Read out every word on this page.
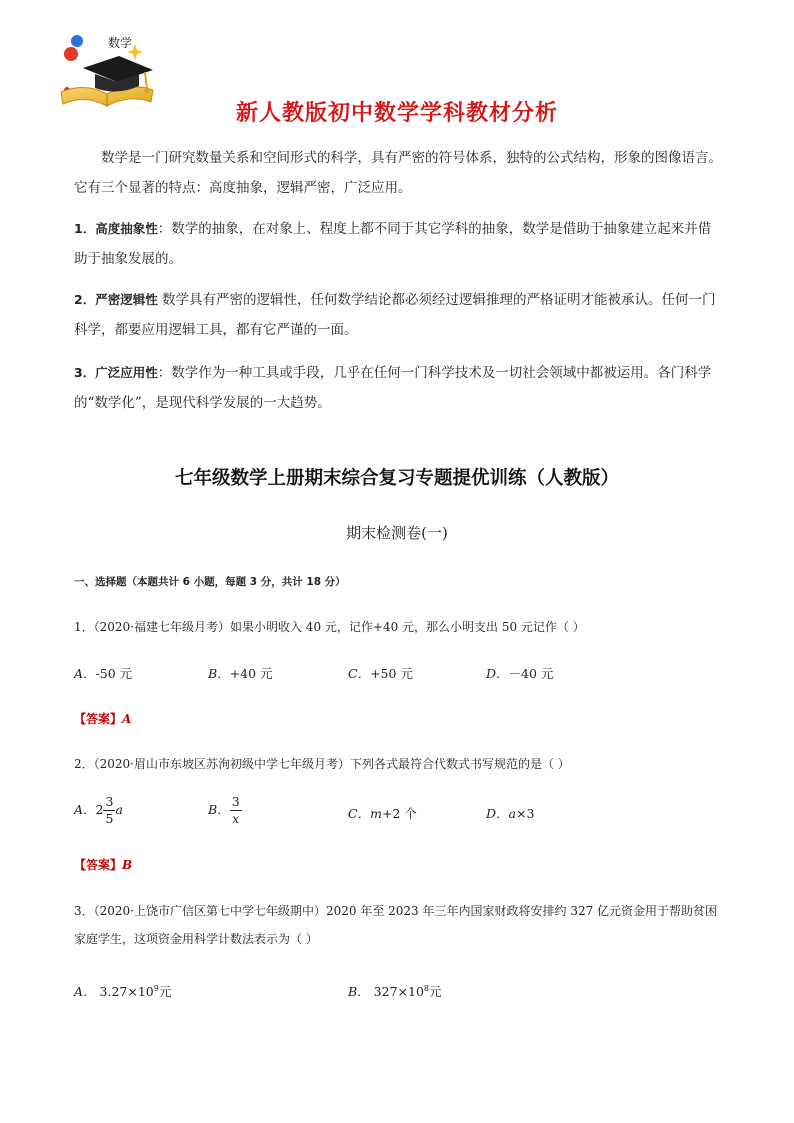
数学
新人教版初中数学学科教材分析
数学是一门研究数量关系和空间形式的科学，具有严密的符号体系，独特的公式结构，形象的图像语言。它有三个显著的特点：高度抽象，逻辑严密，广泛应用。
1．高度抽象性：数学的抽象，在对象上、程度上都不同于其它学科的抽象，数学是借助于抽象建立起来并借助于抽象发展的。
2．严密逻辑性 数学具有严密的逻辑性，任何数学结论都必须经过逻辑推理的严格证明才能被承认。任何一门科学，都要应用逻辑工具，都有它严谨的一面。
3．广泛应用性：数学作为一种工具或手段，几乎在任何一门科学技术及一切社会领域中都被运用。各门科学的“数学化”，是现代科学发展的一大趋势。
七年级数学上册期末综合复习专题提优训练（人教版）
期末检测卷(一)
一、选择题（本题共计 6 小题，每题 3 分，共计 18 分）
1．（2020·福建七年级月考）如果小明收入 40 元，记作+40 元，那么小明支出 50 元记作（ ）
A．-50 元	B．+40 元	C．+50 元	D．－40 元
【答案】A
2．（2020·眉山市东坡区苏洵初级中学七年级月考）下列各式最符合代数式书写规范的是（ ）
A．$2 \frac{3}{5}$ a	B． $\frac{3}{x}$	C．m+2 个	D．a×3
【答案】B
3．（2020·上饶市广信区第七中学七年级期中）2020 年至 2023 年三年内国家财政将安排约 327 亿元资金用于帮助贫困家庭学生，这项资金用科学计数法表示为（ ）
A． $3.27\times 10^9$元	B． $327\times 10^8$元
